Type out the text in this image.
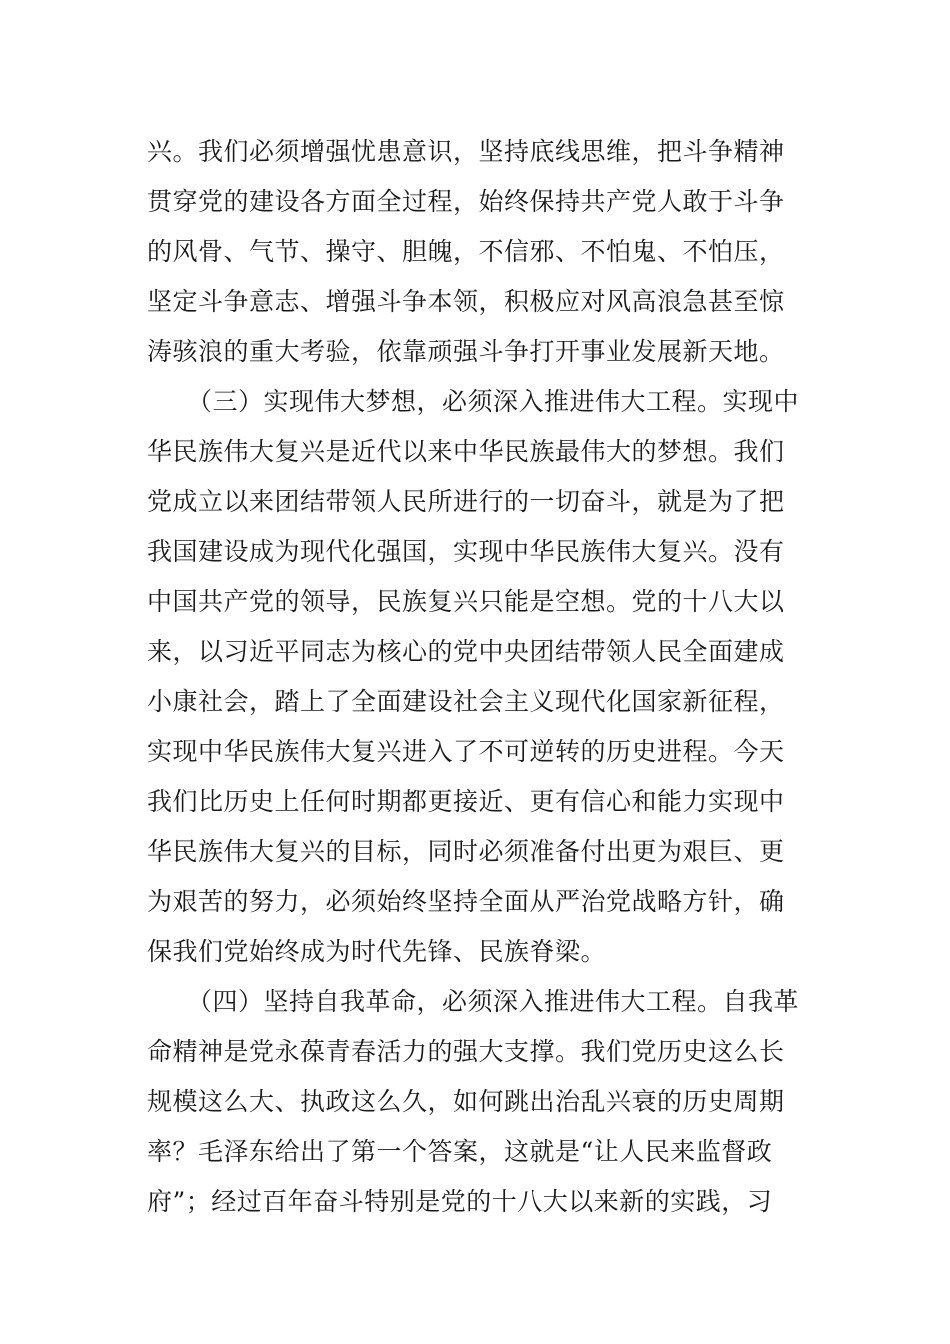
兴。我们必须增强忧患意识，坚持底线思维，把斗争精神
贯穿党的建设各方面全过程，始终保持共产党人敢于斗争
的风骨、气节、操守、胆魄，不信邪、不怕鬼、不怕压，
坚定斗争意志、增强斗争本领，积极应对风高浪急甚至惊
涛骇浪的重大考验，依靠顽强斗争打开事业发展新天地。
（三）实现伟大梦想，必须深入推进伟大工程。实现中
华民族伟大复兴是近代以来中华民族最伟大的梦想。我们
党成立以来团结带领人民所进行的一切奋斗，就是为了把
我国建设成为现代化强国，实现中华民族伟大复兴。没有
中国共产党的领导，民族复兴只能是空想。党的十八大以
来，以习近平同志为核心的党中央团结带领人民全面建成
小康社会，踏上了全面建设社会主义现代化国家新征程，
实现中华民族伟大复兴进入了不可逆转的历史进程。今天
我们比历史上任何时期都更接近、更有信心和能力实现中
华民族伟大复兴的目标，同时必须准备付出更为艰巨、更
为艰苦的努力，必须始终坚持全面从严治党战略方针，确
保我们党始终成为时代先锋、民族脊梁。
（四）坚持自我革命，必须深入推进伟大工程。自我革
命精神是党永葆青春活力的强大支撑。我们党历史这么长
规模这么大、执政这么久，如何跳出治乱兴衰的历史周期
率？毛泽东给出了第一个答案，这就是“让人民来监督政
府”；经过百年奋斗特别是党的十八大以来新的实践，习
